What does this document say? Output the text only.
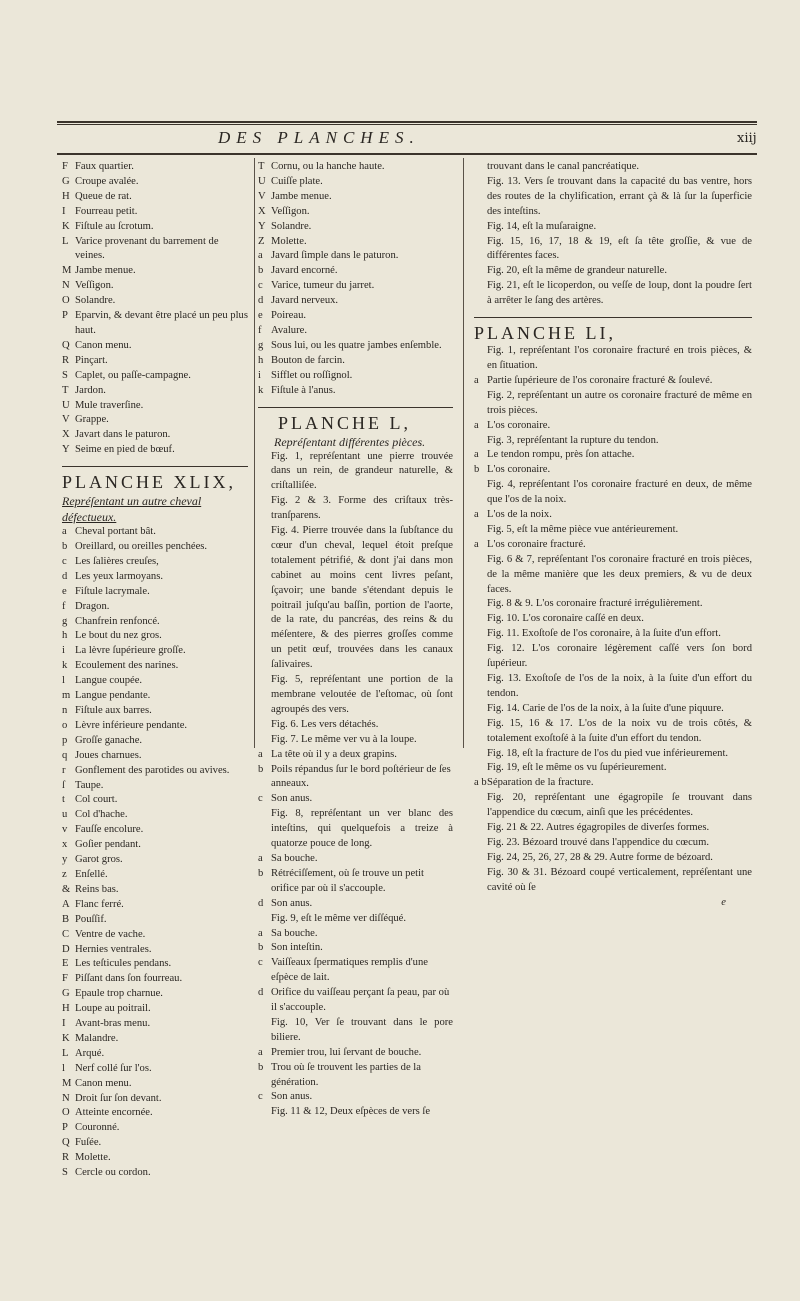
DES PLANCHES.	xiij
F Faux quartier.
G Croupe avalée.
H Queue de rat.
I Fourreau petit.
K Fiſtule au ſcrotum.
L Varice provenant du barrement de veines.
M Jambe menue.
N Veſſigon.
O Solandre.
P Eparvin, & devant être placé un peu plus haut.
Q Canon menu.
R Pinçart.
S Caplet, ou paſſe-campagne.
T Jardon.
U Mule traverſine.
V Grappe.
X Javart dans le paturon.
Y Seime en pied de bœuf.
PLANCHE XLIX,
Repréſentant un autre cheval défectueux.
a Cheval portant bât.
b Oreillard, ou oreilles penchées.
c Les ſalières creuſes,
d Les yeux larmoyans.
e Fiſtule lacrymale.
f Dragon.
g Chanfrein renfoncé.
h Le bout du nez gros.
i La lèvre ſupérieure groſſe.
k Ecoulement des narines.
l Langue coupée.
m Langue pendante.
n Fiſtule aux barres.
o Lèvre inférieure pendante.
p Groſſe ganache.
q Joues charnues.
r Gonflement des parotides ou avives.
ſ Taupe.
t Col court.
u Col d'hache.
v Fauſſe encolure.
x Goſier pendant.
y Garot gros.
z Enſellé.
& Reins bas.
A Flanc ferré.
B Pouſſif.
C Ventre de vache.
D Hernies ventrales.
E Les teſticules pendans.
F Piſſant dans ſon fourreau.
G Epaule trop charnue.
H Loupe au poitrail.
I Avant-bras menu.
K Malandre.
L Arqué.
l Nerf collé ſur l'os.
M Canon menu.
N Droit ſur ſon devant.
O Atteinte encornée.
P Couronné.
Q Fuſée.
R Molette.
S Cercle ou cordon.
T Cornu, ou la hanche haute.
U Cuiſſe plate.
V Jambe menue.
X Veſſigon.
Y Solandre.
Z Molette.
a Javard ſimple dans le paturon.
b Javard encorné.
c Varice, tumeur du jarret.
d Javard nerveux.
e Poireau.
f Avalure.
g Sous lui, ou les quatre jambes enſemble.
h Bouton de farcin.
i Sifflet ou roſſignol.
k Fiſtule à l'anus.
PLANCHE L,
Repréſentant différentes pièces.
Fig. 1, repréſentant une pierre trouvée dans un rein, de grandeur naturelle, & criſtalliſée.
Fig. 2 & 3. Forme des criſtaux très-tranſparens.
Fig. 4. Pierre trouvée dans la ſubſtance du cœur d'un cheval, lequel étoit preſque totalement pétrifié, & dont j'ai dans mon cabinet au moins cent livres peſant, ſçavoir; une bande s'étendant depuis le poitrail juſqu'au baſſin, portion de l'aorte, de la rate, du pancréas, des reins & du méſentere, & des pierres groſſes comme un petit œuf, trouvées dans les canaux ſalivaires.
Fig. 5, repréſentant une portion de la membrane veloutée de l'eſtomac, où ſont agroupés des vers.
Fig. 6. Les vers détachés.
Fig. 7. Le même ver vu à la loupe.
a La tête où il y a deux grapins.
b Poils répandus ſur le bord poſtérieur de ſes anneaux.
c Son anus.
Fig. 8, repréſentant un ver blanc des inteſtins, qui quelquefois a treize à quatorze pouce de long.
a Sa bouche.
b Rétréciſſement, où ſe trouve un petit orifice par où il s'accouple.
d Son anus.
Fig. 9, eſt le même ver diſſéqué.
a Sa bouche.
b Son inteſtin.
c Vaiſſeaux ſpermatiques remplis d'une eſpèce de lait.
d Orifice du vaiſſeau perçant ſa peau, par où il s'accouple.
Fig. 10, Ver ſe trouvant dans le pore biliere.
a Premier trou, lui ſervant de bouche.
b Trou où ſe trouvent les parties de la génération.
c Son anus.
Fig. 11 & 12, Deux eſpèces de vers ſe
trouvant dans le canal pancréatique.
Fig. 13. Vers ſe trouvant dans la capacité du bas ventre, hors des routes de la chylification, errant çà & là ſur la ſuperficie des inteſtins.
Fig. 14, eſt la muſaraigne.
Fig. 15, 16, 17, 18 & 19, eſt ſa tête groſſie, & vue de différentes faces.
Fig. 20, eſt la même de grandeur naturelle.
Fig. 21, eſt le licoperdon, ou veſſe de loup, dont la poudre ſert à arrêter le ſang des artères.
PLANCHE LI,
Fig. 1, repréſentant l'os coronaire fracturé en trois pièces, & en ſituation.
a Partie ſupérieure de l'os coronaire fracturé & ſoulevé.
Fig. 2, repréſentant un autre os coronaire fracturé de même en trois pièces.
a L'os coronaire.
Fig. 3, repréſentant la rupture du tendon.
a Le tendon rompu, près ſon attache.
b L'os coronaire.
Fig. 4, repréſentant l'os coronaire fracturé en deux, de même que l'os de la noix.
a L'os de la noix.
Fig. 5, eſt la même pièce vue antérieurement.
a L'os coronaire fracturé.
Fig. 6 & 7, repréſentant l'os coronaire fracturé en trois pièces, de la même manière que les deux premiers, & vu de deux faces.
Fig. 8 & 9. L'os coronaire fracturé irrégulièrement.
Fig. 10. L'os coronaire caſſé en deux.
Fig. 11. Exoſtoſe de l'os coronaire, à la ſuite d'un effort.
Fig. 12. L'os coronaire légèrement caſſé vers ſon bord ſupérieur.
Fig. 13. Exoſtoſe de l'os de la noix, à la ſuite d'un effort du tendon.
Fig. 14. Carie de l'os de la noix, à la ſuite d'une piquure.
Fig. 15, 16 & 17. L'os de la noix vu de trois côtés, & totalement exoſtoſé à la ſuite d'un effort du tendon.
Fig. 18, eſt la fracture de l'os du pied vue inférieurement.
Fig. 19, eſt le même os vu ſupérieurement.
a b Séparation de la fracture.
Fig. 20, repréſentant une égagropile ſe trouvant dans l'appendice du cœcum, ainſi que les précédentes.
Fig. 21 & 22. Autres égagropiles de diverſes formes.
Fig. 23. Bézoard trouvé dans l'appendice du cœcum.
Fig. 24, 25, 26, 27, 28 & 29. Autre forme de bézoard.
Fig. 30 & 31. Bézoard coupé verticalement, repréſentant une cavité où ſe
e
